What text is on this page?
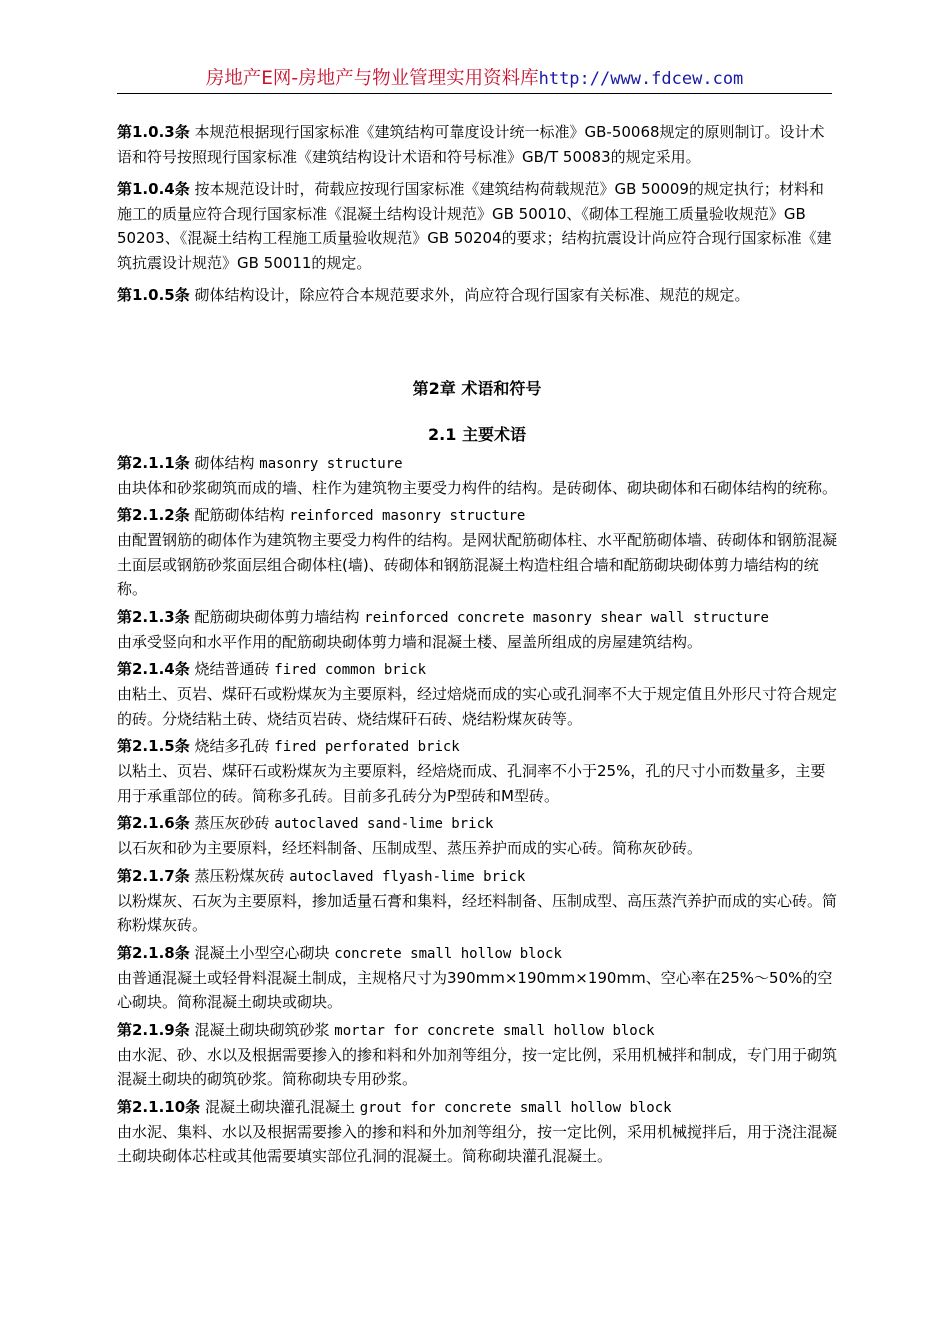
房地产E网-房地产与物业管理实用资料库http://www.fdcew.com

第1.0.3条 本规范根据现行国家标准《建筑结构可靠度设计统一标准》GB-50068规定的原则制订。设计术语和符号按照现行国家标准《建筑结构设计术语和符号标准》GB/T 50083的规定采用。

第1.0.4条 按本规范设计时，荷载应按现行国家标准《建筑结构荷载规范》GB 50009的规定执行；材料和施工的质量应符合现行国家标准《混凝土结构设计规范》GB 50010、《砌体工程施工质量验收规范》GB 50203、《混凝土结构工程施工质量验收规范》GB 50204的要求；结构抗震设计尚应符合现行国家标准《建筑抗震设计规范》GB 50011的规定。

第1.0.5条 砌体结构设计，除应符合本规范要求外，尚应符合现行国家有关标准、规范的规定。

第2章 术语和符号
2.1 主要术语
第2.1.1条 砌体结构 masonry structure
由块体和砂浆砌筑而成的墙、柱作为建筑物主要受力构件的结构。是砖砌体、砌块砌体和石砌体结构的统称。
第2.1.2条 配筋砌体结构 reinforced masonry structure
由配置钢筋的砌体作为建筑物主要受力构件的结构。是网状配筋砌体柱、水平配筋砌体墙、砖砌体和钢筋混凝土面层或钢筋砂浆面层组合砌体柱(墙)、砖砌体和钢筋混凝土构造柱组合墙和配筋砌块砌体剪力墙结构的统称。
第2.1.3条 配筋砌块砌体剪力墙结构 reinforced concrete masonry shear wall structure
由承受竖向和水平作用的配筋砌块砌体剪力墙和混凝土楼、屋盖所组成的房屋建筑结构。
第2.1.4条 烧结普通砖 fired common brick
由粘土、页岩、煤矸石或粉煤灰为主要原料，经过焙烧而成的实心或孔洞率不大于规定值且外形尺寸符合规定的砖。分烧结粘土砖、烧结页岩砖、烧结煤矸石砖、烧结粉煤灰砖等。
第2.1.5条 烧结多孔砖 fired perforated brick
以粘土、页岩、煤矸石或粉煤灰为主要原料，经焙烧而成、孔洞率不小于25%，孔的尺寸小而数量多，主要用于承重部位的砖。简称多孔砖。目前多孔砖分为P型砖和M型砖。
第2.1.6条 蒸压灰砂砖 autoclaved sand-lime brick
以石灰和砂为主要原料，经坯料制备、压制成型、蒸压养护而成的实心砖。简称灰砂砖。
第2.1.7条 蒸压粉煤灰砖 autoclaved flyash-lime brick
以粉煤灰、石灰为主要原料，掺加适量石膏和集料，经坯料制备、压制成型、高压蒸汽养护而成的实心砖。简称粉煤灰砖。
第2.1.8条 混凝土小型空心砌块 concrete small hollow block
由普通混凝土或轻骨料混凝土制成，主规格尺寸为390mm×190mm×190mm、空心率在25%～50%的空心砌块。简称混凝土砌块或砌块。
第2.1.9条 混凝土砌块砌筑砂浆 mortar for concrete small hollow block
由水泥、砂、水以及根据需要掺入的掺和料和外加剂等组分，按一定比例，采用机械拌和制成，专门用于砌筑混凝土砌块的砌筑砂浆。简称砌块专用砂浆。
第2.1.10条 混凝土砌块灌孔混凝土 grout for concrete small hollow block
由水泥、集料、水以及根据需要掺入的掺和料和外加剂等组分，按一定比例，采用机械搅拌后，用于浇注混凝土砌块砌体芯柱或其他需要填实部位孔洞的混凝土。简称砌块灌孔混凝土。
